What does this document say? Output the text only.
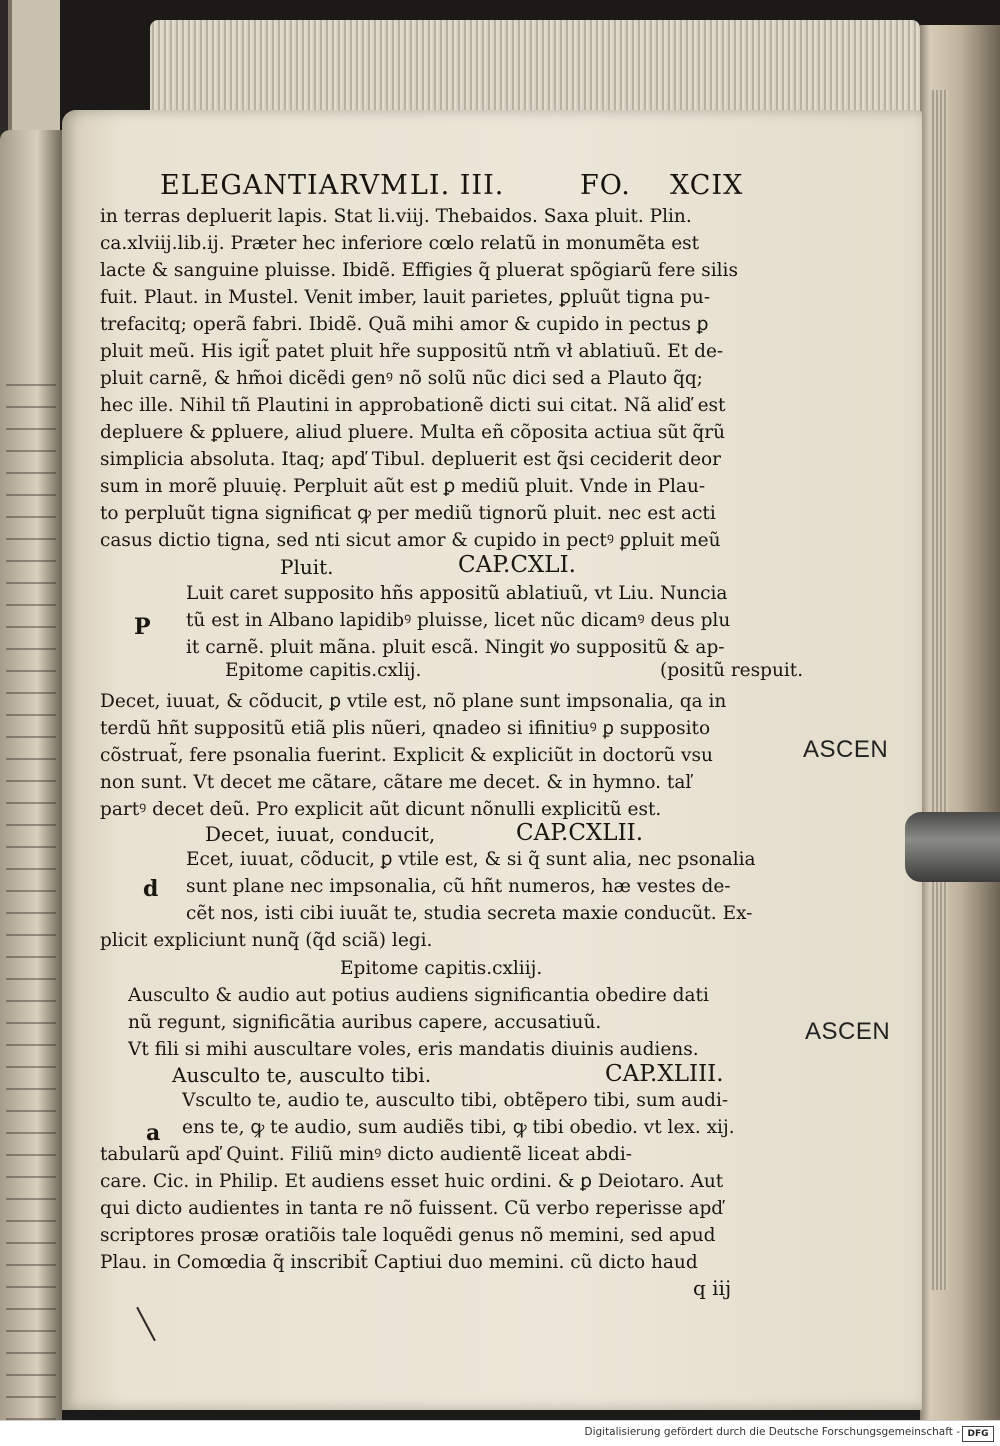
ELEGANTIARVM LI. III.	FO. XCIX
in terras depluerit lapis. Stat li.viij. Thebaidos. Saxa pluit. Plin.
ca.xlviij.lib.ij. Præter hec inferiore cœlo relatũ in monumẽta est
lacte & sanguine pluisse. Ibidẽ. Effigies q̃ pluerat spõgiarũ fere silis
fuit. Plaut. in Mustel. Venit imber, lauit parietes, ꝑpluũt tigna pu-
trefacitq; operã fabri. Ibidẽ. Quã mihi amor & cupido in pectus ꝑ
pluit meũ. His igit̃ patet pluit hr̃e suppositũ ntm̃ vł ablatiuũ. Et de-
pluit carnẽ, & hm̃oi dicẽdi genꝰ nõ solũ nũc dici sed a Plauto q̃q;
hec ille. Nihil tñ Plautini in approbationẽ dicti sui citat. Nã aliď est
depluere & ꝑpluere, aliud pluere. Multa eñ cõposita actiua sũt q̃rũ
simplicia absoluta. Itaq; apď Tibul. depluerit est q̃si ceciderit deor
sum in morẽ pluuię. Perpluit aũt est ꝑ mediũ pluit. Vnde in Plau-
to perpluũt tigna significat ꝙ per mediũ tignorũ pluit. nec est acti
casus dictio tigna, sed nti sicut amor & cupido in pectꝰ ꝑpluit meũ
Pluit.	CAP.CXLI.
P
Luit caret supposito hñs appositũ ablatiuũ, vt Liu. Nuncia
tũ est in Albano lapidibꝰ pluisse, licet nũc dicamꝰ deus plu
it carnẽ. pluit mãna. pluit escã. Ningit ꝟo suppositũ & ap-
Epitome capitis.cxlij.	(positũ respuit.
Decet, iuuat, & cõducit, ꝑ vtile est, nõ plane sunt impsonalia, qa in
terdũ hñt suppositũ etiã plis nũeri, qnadeo si ifinitiuꝰ ꝑ supposito
cõstruat̃, fere psonalia fuerint. Explicit & expliciũt in doctorũ vsu
non sunt. Vt decet me cãtare, cãtare me decet. & in hymno. taľ
partꝰ decet deũ. Pro explicit aũt dicunt nõnulli explicitũ est.
Decet, iuuat, conducit,	CAP.CXLII.
d
Ecet, iuuat, cõducit, ꝑ vtile est, & si q̃ sunt alia, nec psonalia
sunt plane nec impsonalia, cũ hñt numeros, hæ vestes de-
cẽt nos, isti cibi iuuãt te, studia secreta maxie conducũt. Ex-
plicit expliciunt nunq̃ (q̃d sciã) legi.
Epitome capitis.cxliij.
Ausculto & audio aut potius audiens significantia obedire dati
nũ regunt, significãtia auribus capere, accusatiuũ.
Vt fili si mihi auscultare voles, eris mandatis diuinis audiens.
Ausculto te, ausculto tibi.	CAP.XLIII.
a
Vsculto te, audio te, ausculto tibi, obtẽpero tibi, sum audi-
ens te, ꝙ te audio, sum audiẽs tibi, ꝙ tibi obedio. vt lex. xij.
tabularũ apď Quint. Filiũ minꝰ dicto audientẽ liceat abdi-
care. Cic. in Philip. Et audiens esset huic ordini. & ꝑ Deiotaro. Aut
qui dicto audientes in tanta re nõ fuissent. Cũ verbo reperisse apď
scriptores prosæ oratiõis tale loquẽdi genus nõ memini, sed apud
Plau. in Comœdia q̃ inscribit̃ Captiui duo memini. cũ dicto haud
q iij
ASCEN
ASCEN
Digitalisierung gefördert durch die Deutsche Forschungsgemeinschaft - DFG
